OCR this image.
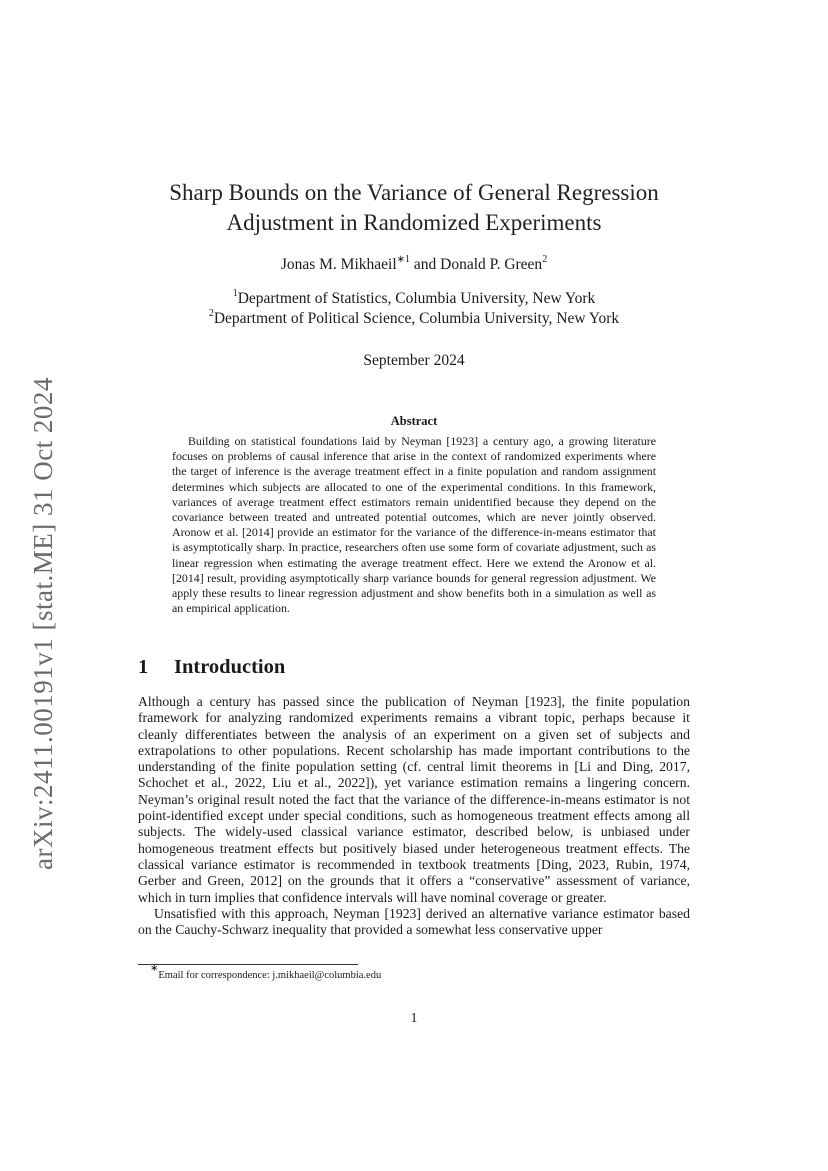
arXiv:2411.00191v1 [stat.ME] 31 Oct 2024
Sharp Bounds on the Variance of General Regression
Adjustment in Randomized Experiments
Jonas M. Mikhaeil$^{∗1}$ and Donald P. Green$^2$
$^1$Department of Statistics, Columbia University, New York
$^2$Department of Political Science, Columbia University, New York
September 2024
Abstract

Building on statistical foundations laid by Neyman [1923] a century ago, a growing literature focuses on problems of causal inference that arise in the context of randomized experiments where the target of inference is the average treatment effect in a finite population and random assignment determines which subjects are allocated to one of the experimental conditions. In this framework, variances of average treatment effect estimators remain unidentified because they depend on the covariance between treated and untreated potential outcomes, which are never jointly observed. Aronow et al. [2014] provide an estimator for the variance of the difference-in-means estimator that is asymptotically sharp. In practice, researchers often use some form of covariate adjustment, such as linear regression when estimating the average treatment effect. Here we extend the Aronow et al. [2014] result, providing asymptotically sharp variance bounds for general regression adjustment. We apply these results to linear regression adjustment and show benefits both in a simulation as well as an empirical application.

1 Introduction

Although a century has passed since the publication of Neyman [1923], the finite population framework for analyzing randomized experiments remains a vibrant topic, perhaps because it cleanly differentiates between the analysis of an experiment on a given set of subjects and extrapolations to other populations. Recent scholarship has made important contributions to the understanding of the finite population setting (cf. central limit theorems in [Li and Ding, 2017, Schochet et al., 2022, Liu et al., 2022]), yet variance estimation remains a lingering concern. Neyman’s original result noted the fact that the variance of the difference-in-means estimator is not point-identified except under special conditions, such as homogeneous treatment effects among all subjects. The widely-used classical variance estimator, described below, is unbiased under homogeneous treatment effects but positively biased under heterogeneous treatment effects. The classical variance estimator is recommended in textbook treatments [Ding, 2023, Rubin, 1974, Gerber and Green, 2012] on the grounds that it offers a “conservative” assessment of variance, which in turn implies that confidence intervals will have nominal coverage or greater.

Unsatisfied with this approach, Neyman [1923] derived an alternative variance estimator based on the Cauchy-Schwarz inequality that provided a somewhat less conservative upper

∗Email for correspondence: j.mikhaeil@columbia.edu
1
